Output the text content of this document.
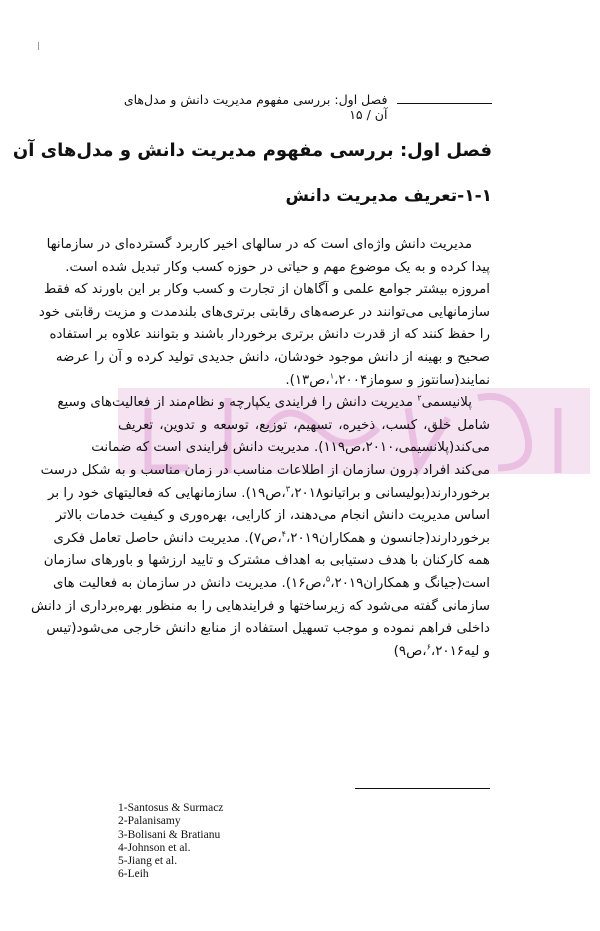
فصل اول: بررسی مفهوم مدیریت دانش و مدل‌های آن / ۱۵
فصل اول: بررسی مفهوم مدیریت دانش و مدل‌های آن
۱-۱-تعریف مدیریت دانش
مدیریت دانش واژه‌ای است که در سالهای اخیر کاربرد گسترده‌ای در سازمانها
پیدا کرده و به یک موضوع مهم و حیاتی در حوزه کسب وکار تبدیل شده است.
امروزه بیشتر جوامع علمی و آگاهان از تجارت و کسب وکار بر این باورند که فقط
سازمانهایی می‌توانند در عرصه‌های رقابتی برتری‌های بلندمدت و مزیت رقابتی خود
را حفظ کنند که از قدرت دانش برتری برخوردار باشند و بتوانند علاوه بر استفاده
صحیح و بهینه از دانش موجود خودشان، دانش جدیدی تولید کرده و آن را عرضه
نمایند(سانتوز و سوماز$^۱$،۲۰۰۴،ص۱۳).
پلانیسمی$^۲$ مدیریت دانش را فرایندی یکپارچه و نظام‌مند از فعالیت‌های وسیع
شامل خلق، کسب، ذخیره، تسهیم، توزیع، توسعه و تدوین، تعریف
می‌کند(پلانسیمی،۲۰۱۰،ص۱۱۹). مدیریت دانش فرایندی است که ضمانت
می‌کند افراد درون سازمان از اطلاعات مناسب در زمان مناسب و به شکل درست
برخوردارند(بولیسانی و براتیانو$^۳$،۲۰۱۸،ص۱۹). سازمانهایی که فعالیتهای خود را بر
اساس مدیریت دانش انجام می‌دهند، از کارایی، بهره‌وری و کیفیت خدمات بالاتر
برخوردارند(جانسون و همکاران$^۴$،۲۰۱۹،ص۷). مدیریت دانش حاصل تعامل فکری
همه کارکنان با هدف دستیابی به اهداف مشترک و تایید ارزشها و باورهای سازمان
است(جیانگ و همکاران$^۵$،۲۰۱۹،ص۱۶). مدیریت دانش در سازمان به فعالیت های
سازمانی گفته می‌شود که زیرساختها و فرایندهایی را به منظور بهره‌برداری از دانش
داخلی فراهم نموده و موجب تسهیل استفاده از منابع دانش خارجی می‌شود(تیس
و لیه$^۶$،۲۰۱۶،ص۹)
1-Santosus & Surmacz
2-Palanisamy
3-Bolisani & Bratianu
4-Johnson et al.
5-Jiang et al.
6-Leih
